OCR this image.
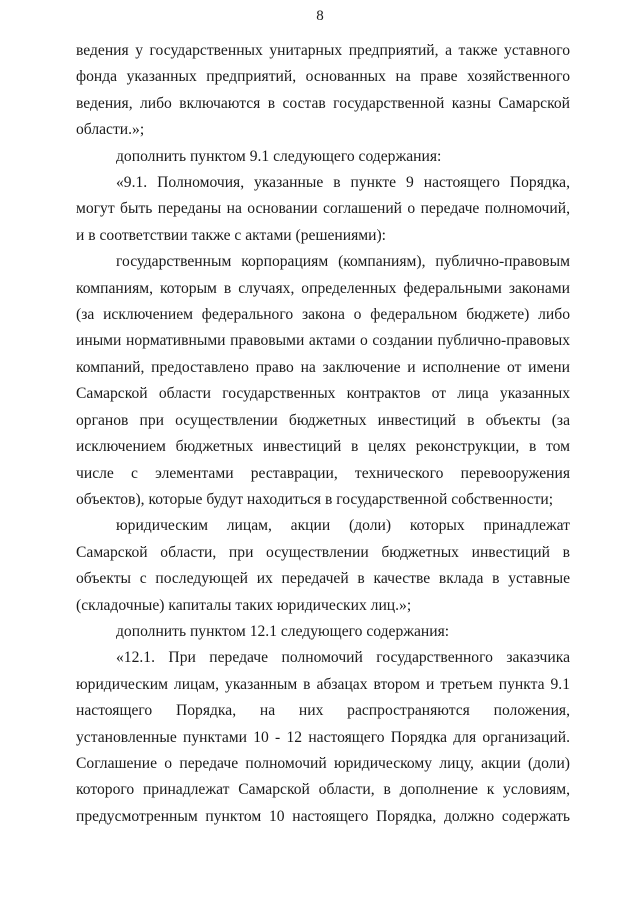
8

ведения у государственных унитарных предприятий, а также уставного фонда указанных предприятий, основанных на праве хозяйственного ведения, либо включаются в состав государственной казны Самарской области.»;

дополнить пунктом 9.1 следующего содержания:

«9.1. Полномочия, указанные в пункте 9 настоящего Порядка, могут быть переданы на основании соглашений о передаче полномочий, и в соответствии также с актами (решениями):

государственным корпорациям (компаниям), публично-правовым компаниям, которым в случаях, определенных федеральными законами (за исключением федерального закона о федеральном бюджете) либо иными нормативными правовыми актами о создании публично-правовых компаний, предоставлено право на заключение и исполнение от имени Самарской области государственных контрактов от лица указанных органов при осуществлении бюджетных инвестиций в объекты (за исключением бюджетных инвестиций в целях реконструкции, в том числе с элементами реставрации, технического перевооружения объектов), которые будут находиться в государственной собственности;

юридическим лицам, акции (доли) которых принадлежат Самарской области, при осуществлении бюджетных инвестиций в объекты с последующей их передачей в качестве вклада в уставные (складочные) капиталы таких юридических лиц.»;

дополнить пунктом 12.1 следующего содержания:

«12.1. При передаче полномочий государственного заказчика юридическим лицам, указанным в абзацах втором и третьем пункта 9.1 настоящего Порядка, на них распространяются положения, установленные пунктами 10 - 12 настоящего Порядка для организаций. Соглашение о передаче полномочий юридическому лицу, акции (доли) которого принадлежат Самарской области, в дополнение к условиям, предусмотренным пунктом 10 настоящего Порядка, должно содержать
